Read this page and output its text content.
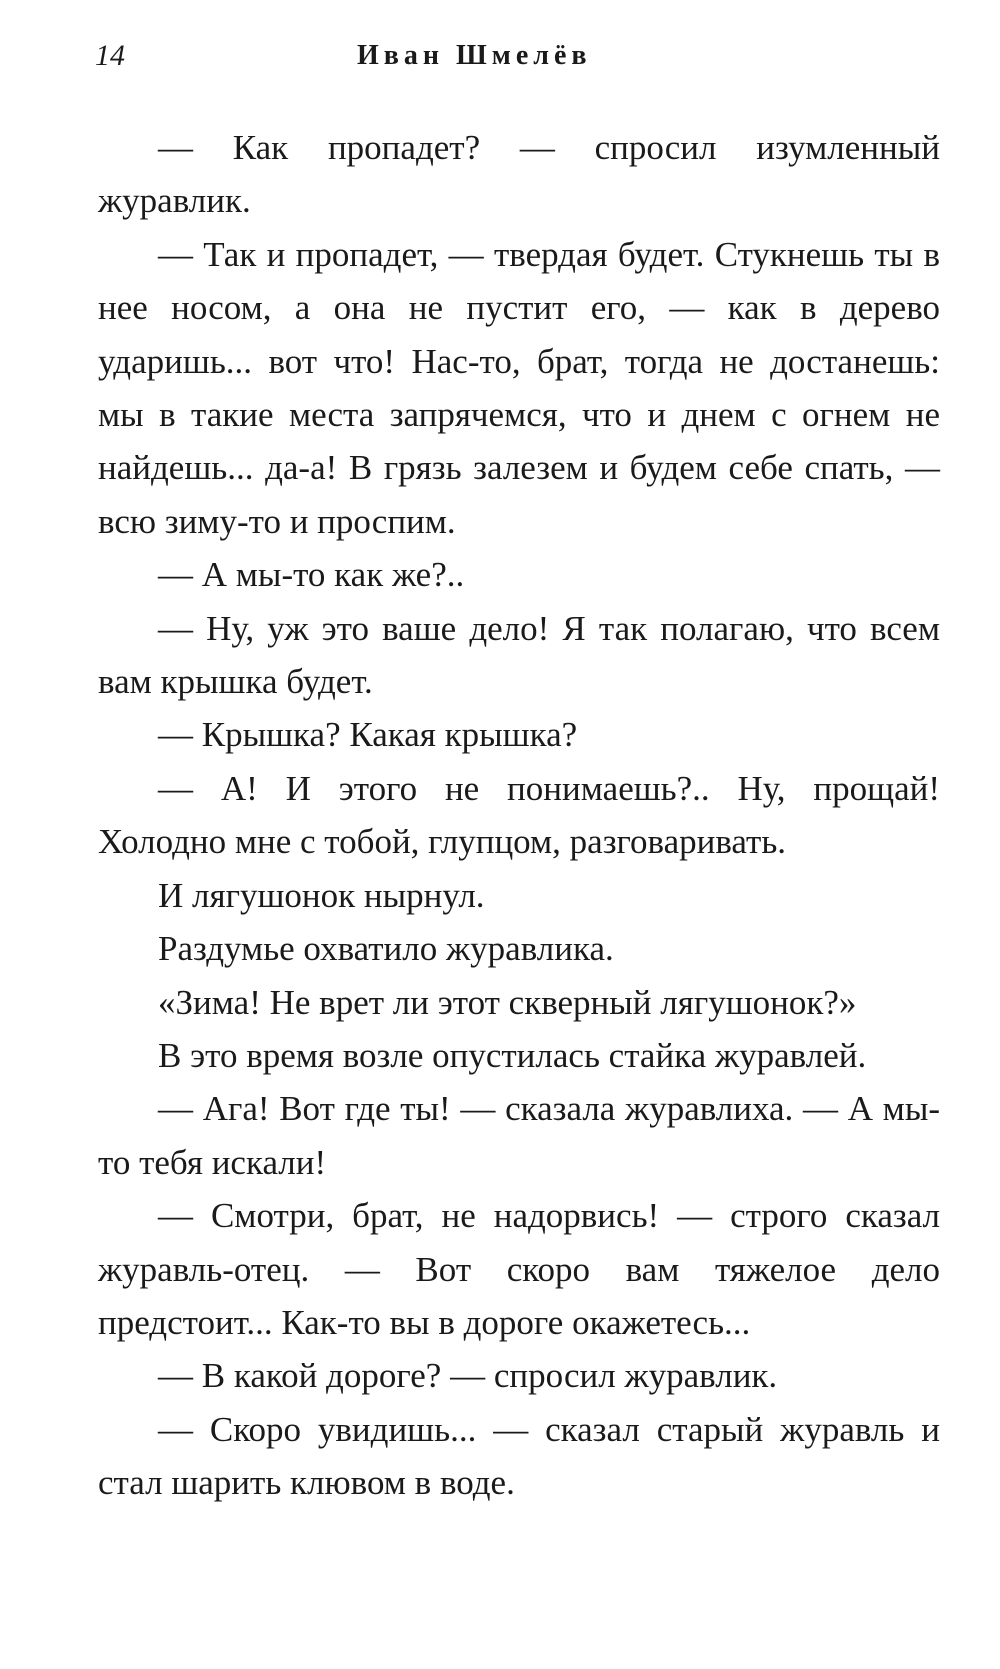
14	Иван Шмелёв

— Как пропадет? — спросил изумленный журавлик.

— Так и пропадет, — твердая будет. Стукнешь ты в нее носом, а она не пустит его, — как в дерево ударишь... вот что! Нас-то, брат, тогда не достанешь: мы в такие места запрячемся, что и днем с огнем не найдешь... да-а! В грязь залезем и будем себе спать, — всю зиму-то и проспим.

— А мы-то как же?..

— Ну, уж это ваше дело! Я так полагаю, что всем вам крышка будет.

— Крышка? Какая крышка?

— А! И этого не понимаешь?.. Ну, прощай! Холодно мне с тобой, глупцом, разговаривать.

И лягушонок нырнул.

Раздумье охватило журавлика.

«Зима! Не врет ли этот скверный лягушонок?»

В это время возле опустилась стайка журавлей.

— Ага! Вот где ты! — сказала журавлиха. — А мы-то тебя искали!

— Смотри, брат, не надорвись! — строго сказал журавль-отец. — Вот скоро вам тяжелое дело предстоит... Как-то вы в дороге окажетесь...

— В какой дороге? — спросил журавлик.

— Скоро увидишь... — сказал старый журавль и стал шарить клювом в воде.
